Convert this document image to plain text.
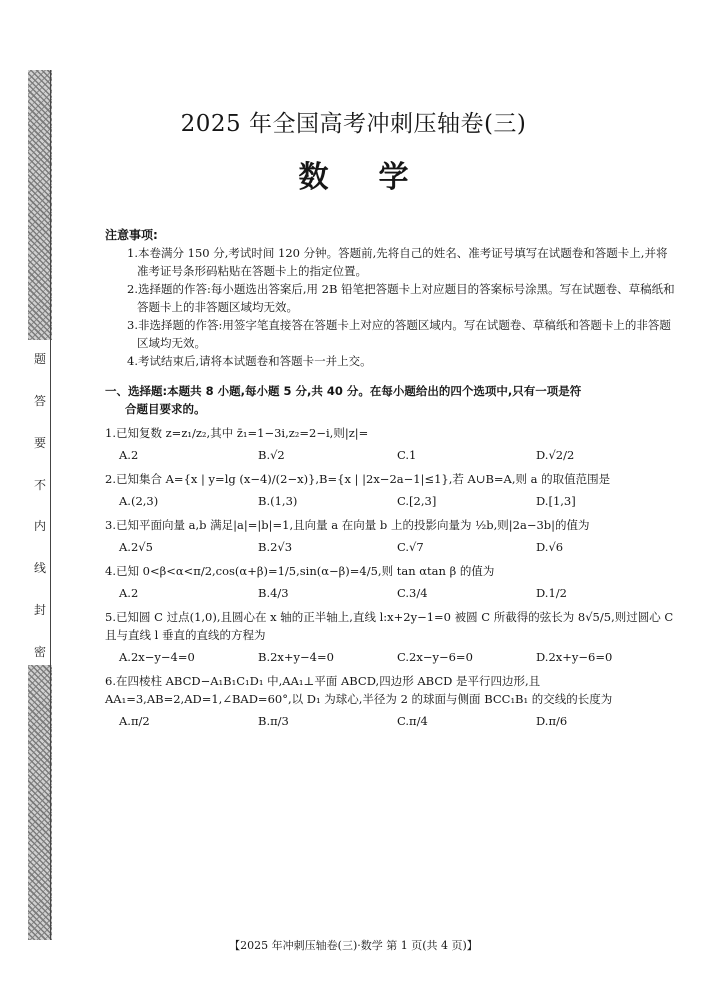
题
答
要
不
内
线
封
密
2025 年全国高考冲刺压轴卷(三)
数学
注意事项:

1.本卷满分 150 分,考试时间 120 分钟。答题前,先将自己的姓名、准考证号填写在试题卷和答题卡上,并将准考证号条形码粘贴在答题卡上的指定位置。

2.选择题的作答:每小题选出答案后,用 2B 铅笔把答题卡上对应题目的答案标号涂黑。写在试题卷、草稿纸和答题卡上的非答题区域均无效。

3.非选择题的作答:用签字笔直接答在答题卡上对应的答题区域内。写在试题卷、草稿纸和答题卡上的非答题区域均无效。

4.考试结束后,请将本试题卷和答题卡一并上交。

一、选择题:本题共 8 小题,每小题 5 分,共 40 分。在每小题给出的四个选项中,只有一项是符
合题目要求的。
1.已知复数 z=z₁/z₂,其中 z̄₁=1−3i,z₂=2−i,则|z|=
A.2	B.√2	C.1	D.√2/2
2.已知集合 A={x | y=lg (x−4)/(2−x)},B={x | |2x−2a−1|≤1},若 A∪B=A,则 a 的取值范围是
A.(2,3)	B.(1,3)	C.[2,3]	D.[1,3]
3.已知平面向量 a,b 满足|a|=|b|=1,且向量 a 在向量 b 上的投影向量为 ½b,则|2a−3b|的值为
A.2√5	B.2√3	C.√7	D.√6
4.已知 0<β<α<π/2,cos(α+β)=1/5,sin(α−β)=4/5,则 tan αtan β 的值为
A.2	B.4/3	C.3/4	D.1/2
5.已知圆 C 过点(1,0),且圆心在 x 轴的正半轴上,直线 l:x+2y−1=0 被圆 C 所截得的弦长为 8√5/5,则过圆心 C 且与直线 l 垂直的直线的方程为
A.2x−y−4=0	B.2x+y−4=0	C.2x−y−6=0	D.2x+y−6=0
6.在四棱柱 ABCD−A₁B₁C₁D₁ 中,AA₁⊥平面 ABCD,四边形 ABCD 是平行四边形,且 AA₁=3,AB=2,AD=1,∠BAD=60°,以 D₁ 为球心,半径为 2 的球面与侧面 BCC₁B₁ 的交线的长度为
A.π/2	B.π/3	C.π/4	D.π/6
【2025 年冲刺压轴卷(三)·数学 第 1 页(共 4 页)】
